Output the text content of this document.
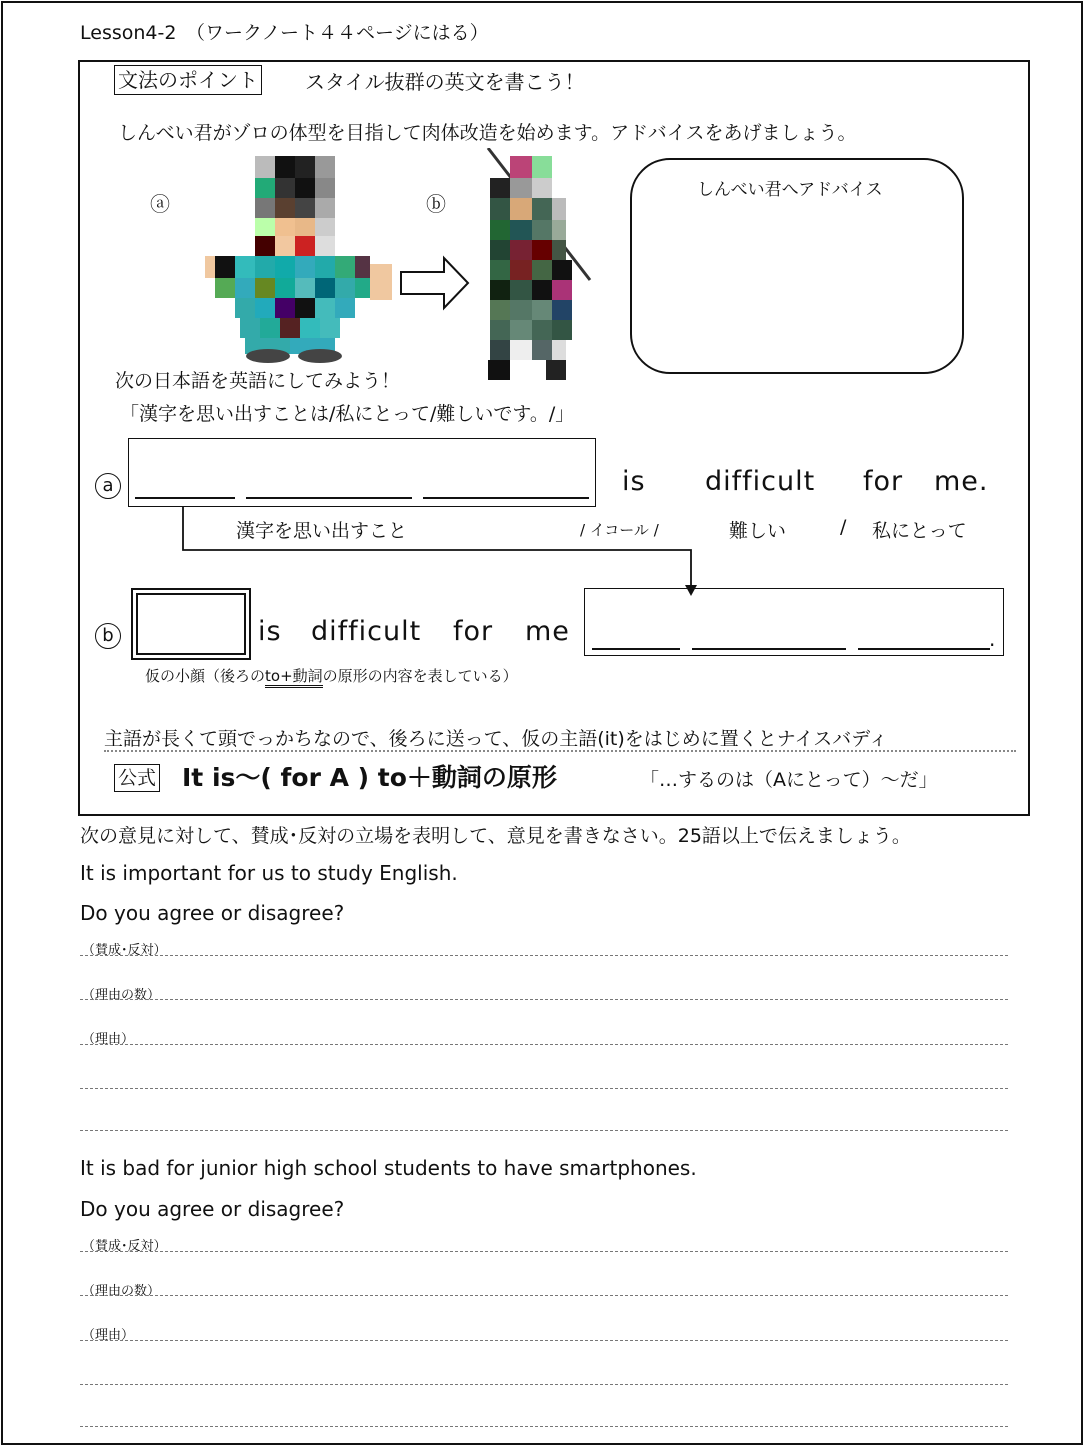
Lesson4-2　（ワークノート４４ページにはる）
文法のポイント スタイル抜群の英文を書こう！
しんべい君がゾロの体型を目指して肉体改造を始めます。アドバイスをあげましょう。
ⓐ	ⓑ
しんべい君へアドバイス
次の日本語を英語にしてみよう！
「漢字を思い出すことは/私にとって/難しいです。/」
a	is difficult for me.
漢字を思い出すこと	/ イコール /	難しい	/ 私にとって
b	is difficult for me	.
仮の小顔（後ろのto+動詞の原形の内容を表している）
主語が長くて頭でっかちなので、後ろに送って、仮の主語(it)をはじめに置くとナイスバディ
公式 It is～( for A ) to＋動詞の原形	「…するのは（Aにとって）～だ」
次の意見に対して、賛成･反対の立場を表明して、意見を書きなさい。25語以上で伝えましょう。
It is important for us to study English.
Do you agree or disagree?
（賛成･反対）
（理由の数）
（理由）
It is bad for junior high school students to have smartphones.
Do you agree or disagree?
（賛成･反対）
（理由の数）
（理由）
